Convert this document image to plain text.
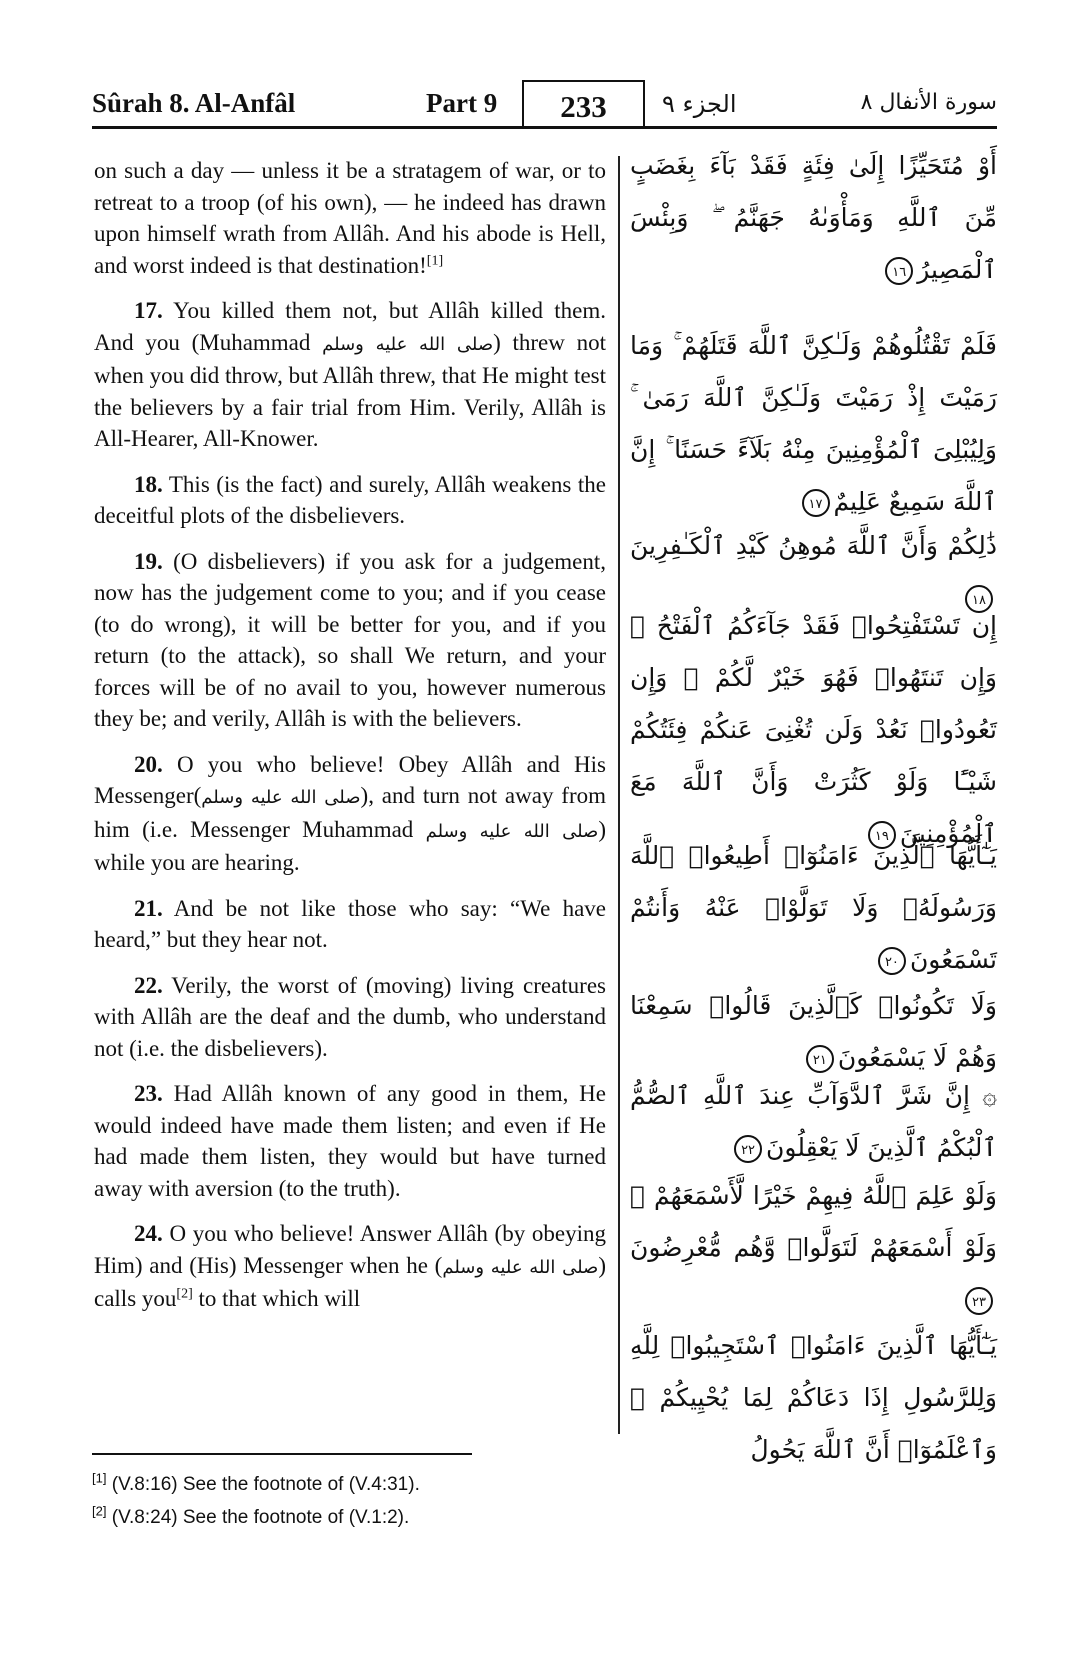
Sûrah 8. Al-Anfâl	Part 9	233	الجزء ٩	سورة الأنفال ٨

on such a day — unless it be a stratagem of war, or to retreat to a troop (of his own), — he indeed has drawn upon himself wrath from Allâh. And his abode is Hell, and worst indeed is that destination![1]

17. You killed them not, but Allâh killed them. And you (Muhammad صلى الله عليه وسلم) threw not when you did throw, but Allâh threw, that He might test the believers by a fair trial from Him. Verily, Allâh is All-Hearer, All-Knower.

18. This (is the fact) and surely, Allâh weakens the deceitful plots of the disbelievers.

19. (O disbelievers) if you ask for a judgement, now has the judgement come to you; and if you cease (to do wrong), it will be better for you, and if you return (to the attack), so shall We return, and your forces will be of no avail to you, however numerous they be; and verily, Allâh is with the believers.

20. O you who believe! Obey Allâh and His Messenger(صلى الله عليه وسلم), and turn not away from him (i.e. Messenger Muhammad صلى الله عليه وسلم) while you are hearing.

21. And be not like those who say: “We have heard,” but they hear not.

22. Verily, the worst of (moving) living creatures with Allâh are the deaf and the dumb, who understand not (i.e. the disbelievers).

23. Had Allâh known of any good in them, He would indeed have made them listen; and even if He had made them listen, they would but have turned away with aversion (to the truth).

24. O you who believe! Answer Allâh (by obeying Him) and (His) Messenger when he (صلى الله عليه وسلم) calls you[2] to that which will

أَوْ مُتَحَيِّزًا إِلَىٰ فِئَةٍ فَقَدْ بَآءَ بِغَضَبٍ مِّنَ ٱللَّهِ وَمَأْوَىٰهُ جَهَنَّمُ ۖ وَبِئْسَ ٱلْمَصِيرُ١٦
فَلَمْ تَقْتُلُوهُمْ وَلَـٰكِنَّ ٱللَّهَ قَتَلَهُمْ ۚ وَمَا رَمَيْتَ إِذْ رَمَيْتَ وَلَـٰكِنَّ ٱللَّهَ رَمَىٰ ۚ وَلِيُبْلِىَ ٱلْمُؤْمِنِينَ مِنْهُ بَلَآءً حَسَنًا ۚ إِنَّ ٱللَّهَ سَمِيعٌ عَلِيمٌ١٧
ذَٰلِكُمْ وَأَنَّ ٱللَّهَ مُوهِنُ كَيْدِ ٱلْكَـٰفِرِينَ١٨
إِن تَسْتَفْتِحُوا۟ فَقَدْ جَآءَكُمُ ٱلْفَتْحُ ۖ وَإِن تَنتَهُوا۟ فَهُوَ خَيْرٌ لَّكُمْ ۖ وَإِن تَعُودُوا۟ نَعُدْ وَلَن تُغْنِىَ عَنكُمْ فِئَتُكُمْ شَيْـًٔا وَلَوْ كَثُرَتْ وَأَنَّ ٱللَّهَ مَعَ ٱلْمُؤْمِنِينَ١٩
يَـٰٓأَيُّهَا ٱلَّذِينَ ءَامَنُوٓا۟ أَطِيعُوا۟ ٱللَّهَ وَرَسُولَهُۥ وَلَا تَوَلَّوْا۟ عَنْهُ وَأَنتُمْ تَسْمَعُونَ٢٠
وَلَا تَكُونُوا۟ كَٱلَّذِينَ قَالُوا۟ سَمِعْنَا وَهُمْ لَا يَسْمَعُونَ٢١
۞ إِنَّ شَرَّ ٱلدَّوَآبِّ عِندَ ٱللَّهِ ٱلصُّمُّ ٱلْبُكْمُ ٱلَّذِينَ لَا يَعْقِلُونَ٢٢
وَلَوْ عَلِمَ ٱللَّهُ فِيهِمْ خَيْرًا لَّأَسْمَعَهُمْ ۖ وَلَوْ أَسْمَعَهُمْ لَتَوَلَّوا۟ وَّهُم مُّعْرِضُونَ٢٣
يَـٰٓأَيُّهَا ٱلَّذِينَ ءَامَنُوا۟ ٱسْتَجِيبُوا۟ لِلَّهِ وَلِلرَّسُولِ إِذَا دَعَاكُمْ لِمَا يُحْيِيكُمْ ۖ وَٱعْلَمُوٓا۟ أَنَّ ٱللَّهَ يَحُولُ
[1] (V.8:16) See the footnote of (V.4:31).
[2] (V.8:24) See the footnote of (V.1:2).
